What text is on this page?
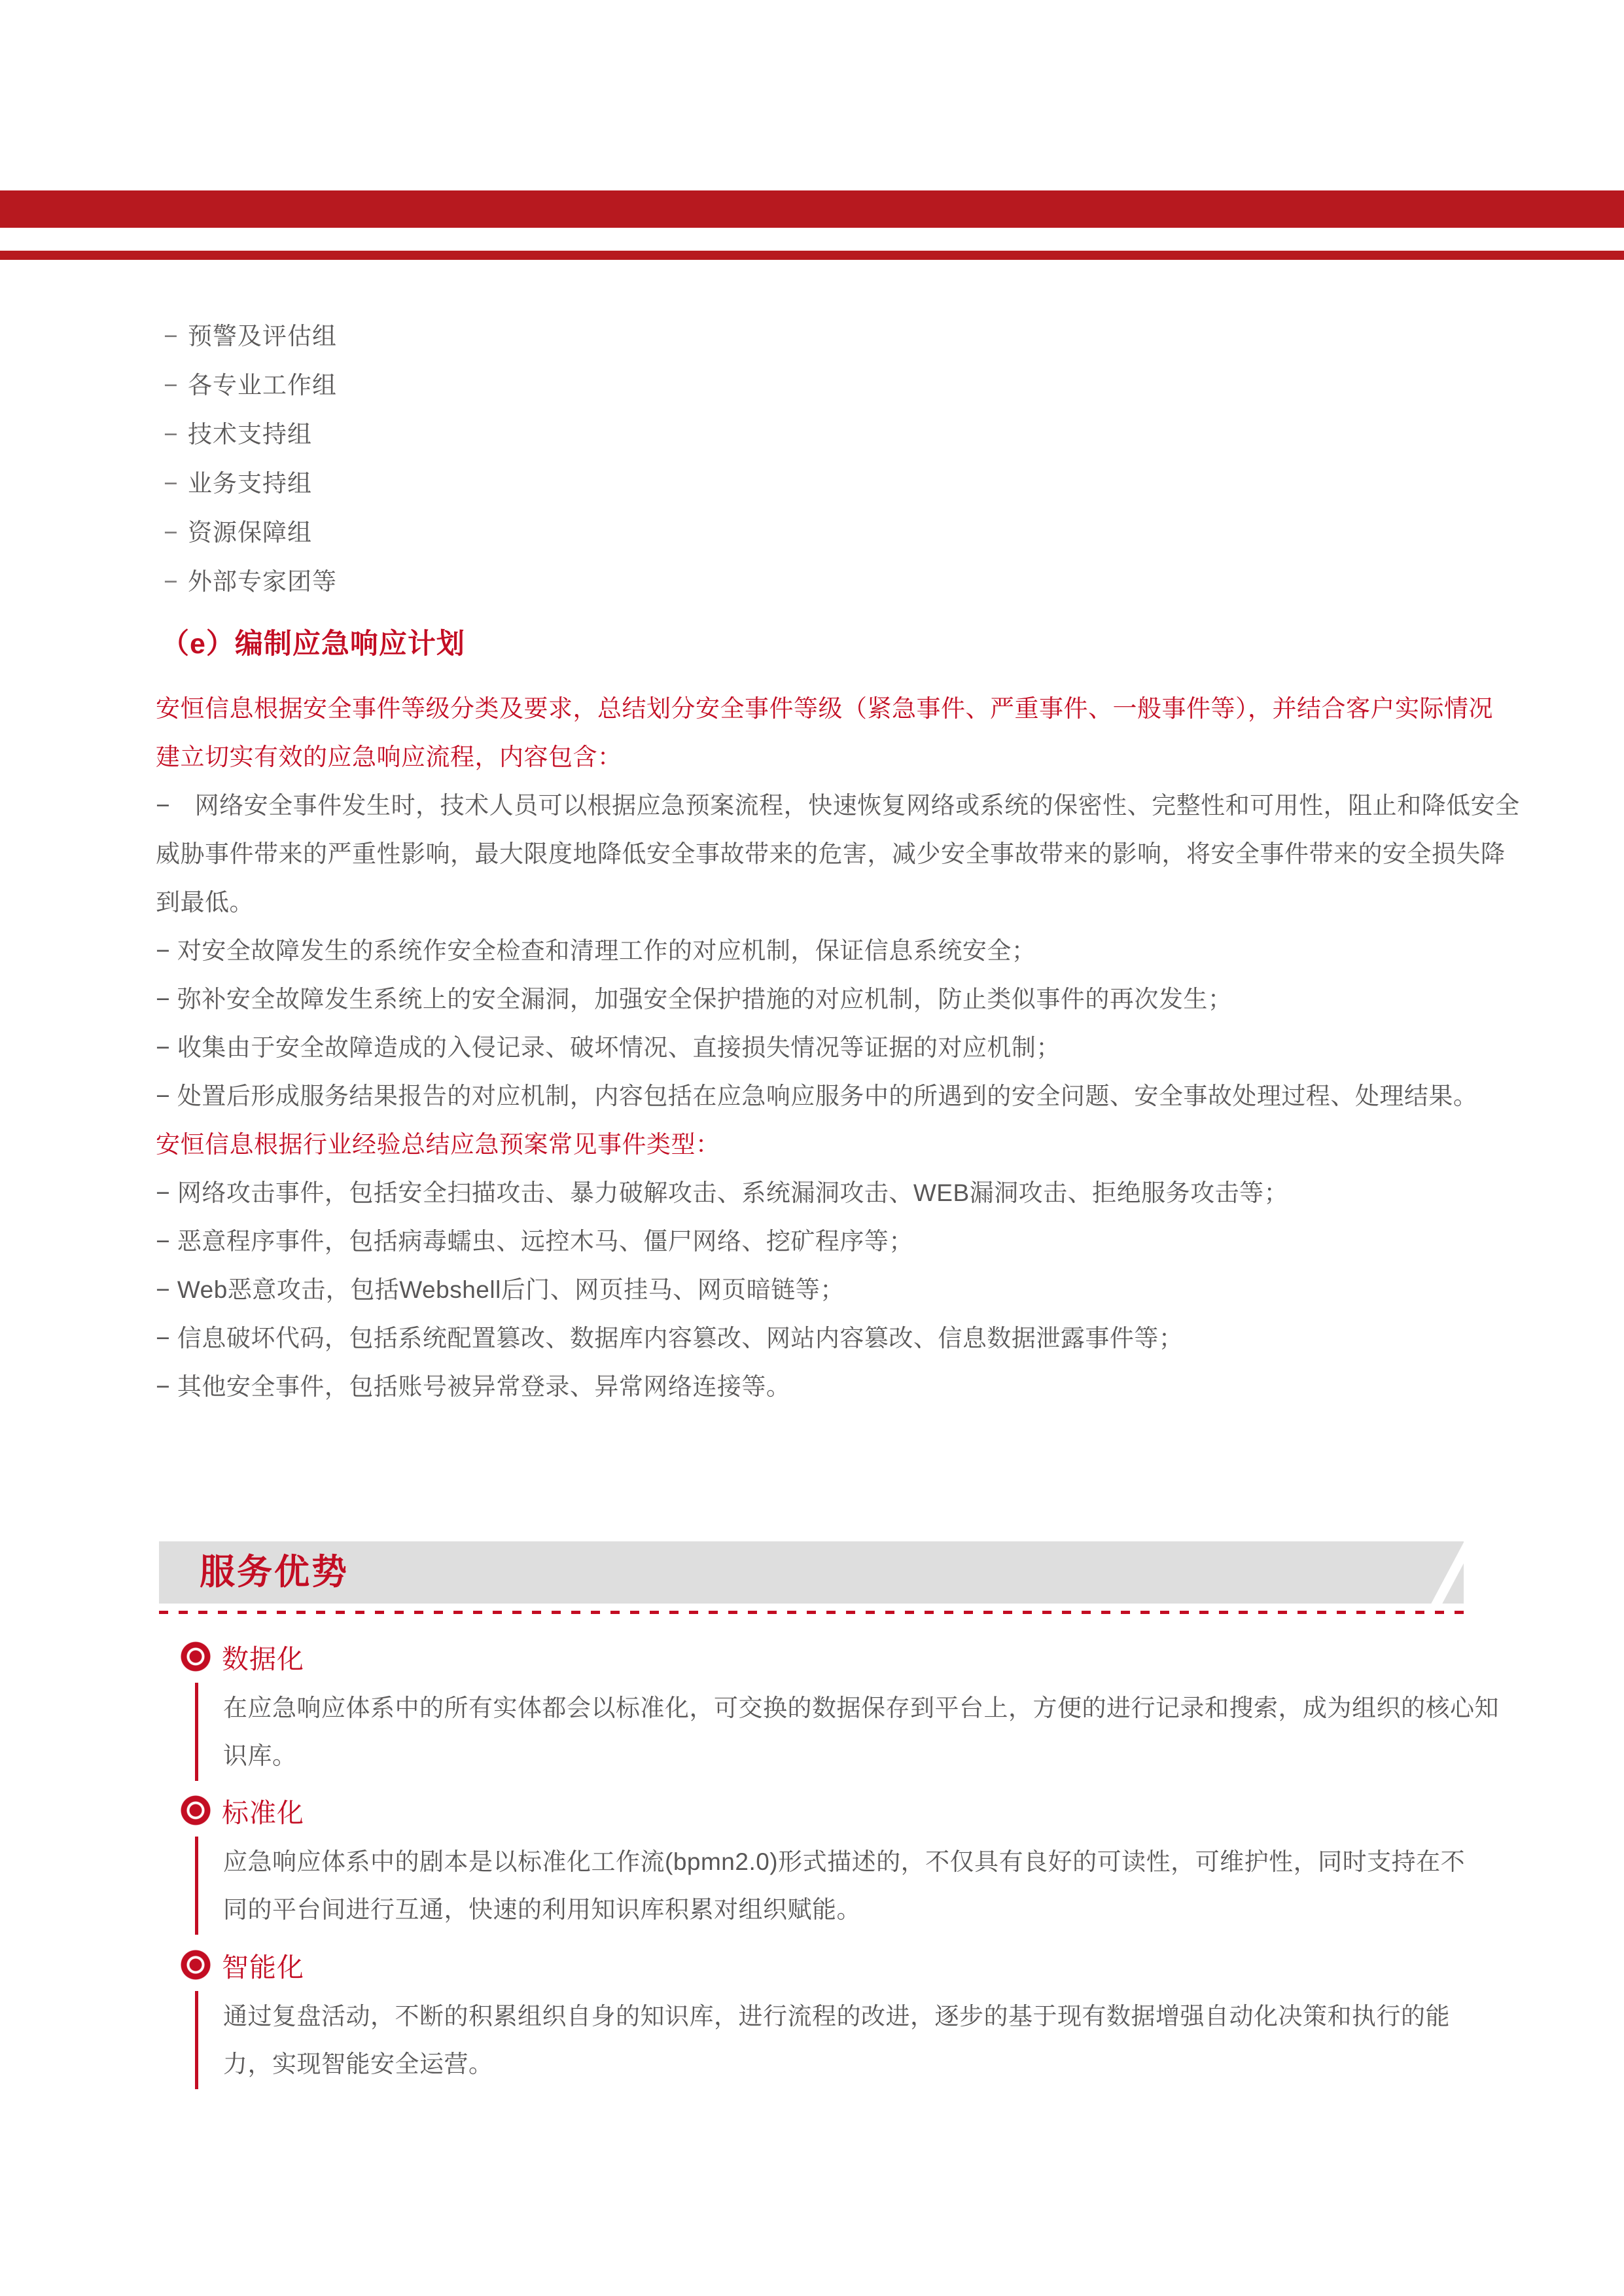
− 预警及评估组
− 各专业工作组
− 技术支持组
− 业务支持组
− 资源保障组
− 外部专家团等
（e）编制应急响应计划
安恒信息根据安全事件等级分类及要求，总结划分安全事件等级（紧急事件、严重事件、一般事件等），并结合客户实际情况
建立切实有效的应急响应流程，内容包含：
−　网络安全事件发生时，技术人员可以根据应急预案流程，快速恢复网络或系统的保密性、完整性和可用性，阻止和降低安全
威胁事件带来的严重性影响，最大限度地降低安全事故带来的危害，减少安全事故带来的影响，将安全事件带来的安全损失降
到最低。
− 对安全故障发生的系统作安全检查和清理工作的对应机制，保证信息系统安全；
− 弥补安全故障发生系统上的安全漏洞，加强安全保护措施的对应机制，防止类似事件的再次发生；
− 收集由于安全故障造成的入侵记录、破坏情况、直接损失情况等证据的对应机制；
− 处置后形成服务结果报告的对应机制，内容包括在应急响应服务中的所遇到的安全问题、安全事故处理过程、处理结果。
安恒信息根据行业经验总结应急预案常见事件类型：
− 网络攻击事件，包括安全扫描攻击、暴力破解攻击、系统漏洞攻击、WEB漏洞攻击、拒绝服务攻击等；
− 恶意程序事件，包括病毒蠕虫、远控木马、僵尸网络、挖矿程序等；
− Web恶意攻击，包括Webshell后门、网页挂马、网页暗链等；
− 信息破坏代码，包括系统配置篡改、数据库内容篡改、网站内容篡改、信息数据泄露事件等；
− 其他安全事件，包括账号被异常登录、异常网络连接等。
服务优势
数据化
在应急响应体系中的所有实体都会以标准化，可交换的数据保存到平台上，方便的进行记录和搜索，成为组织的核心知
识库。
标准化
应急响应体系中的剧本是以标准化工作流(bpmn2.0)形式描述的，不仅具有良好的可读性，可维护性，同时支持在不
同的平台间进行互通，快速的利用知识库积累对组织赋能。
智能化
通过复盘活动，不断的积累组织自身的知识库，进行流程的改进，逐步的基于现有数据增强自动化决策和执行的能
力，实现智能安全运营。
